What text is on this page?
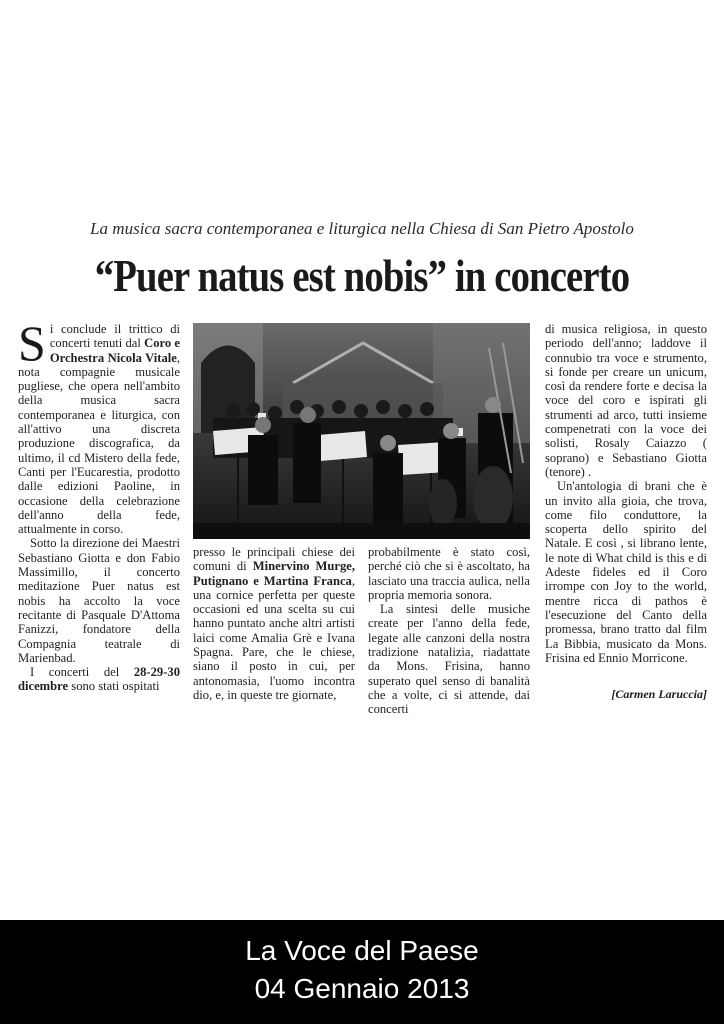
La musica sacra contemporanea e liturgica nella Chiesa di San Pietro Apostolo
“Puer natus est nobis” in concerto

Si conclude il trittico di concerti tenuti dal Coro e Orchestra Nicola Vitale, nota compagnie musicale pugliese, che opera nell'ambito della musica sacra contemporanea e liturgica, con all'attivo una discreta produzione discografica, da ultimo, il cd Mistero della fede, Canti per l'Eucarestia, prodotto dalle edizioni Paoline, in occasione della celebrazione dell'anno della fede, attualmente in corso.

Sotto la direzione dei Maestri Sebastiano Giotta e don Fabio Massimillo, il concerto meditazione Puer natus est nobis ha accolto la voce recitante di Pasquale D'Attoma Fanizzi, fondatore della Compagnia teatrale di Marienbad.

I concerti del 28-29-30 dicembre sono stati ospitati

presso le principali chiese dei comuni di Minervino Murge, Putignano e Martina Franca, una cornice perfetta per queste occasioni ed una scelta su cui hanno puntato anche altri artisti laici come Amalia Grè e Ivana Spagna. Pare, che le chiese, siano il posto in cui, per antonomasia, l'uomo incontra dio, e, in queste tre giornate,

probabilmente è stato così, perché ciò che si è ascoltato, ha lasciato una traccia aulica, nella propria memoria sonora.

La sintesi delle musiche create per l'anno della fede, legate alle canzoni della nostra tradizione natalizia, riadattate da Mons. Frisina, hanno superato quel senso di banalità che a volte, ci si attende, dai concerti

di musica religiosa, in questo periodo dell'anno; laddove il connubio tra voce e strumento, si fonde per creare un unicum, così da rendere forte e decisa la voce del coro e ispirati gli strumenti ad arco, tutti insieme compenetrati con la voce dei solisti, Rosaly Caiazzo ( soprano) e Sebastiano Giotta (tenore) .

Un'antologia di brani che è un invito alla gioia, che trova, come filo conduttore, la scoperta dello spirito del Natale. E così , si librano lente, le note di What child is this e di Adeste fideles ed il Coro irrompe con Joy to the world, mentre ricca di pathos è l'esecuzione del Canto della promessa, brano tratto dal film La Bibbia, musicato da Mons. Frisina ed Ennio Morricone.

[Carmen Laruccia]
La Voce del Paese
04 Gennaio 2013
